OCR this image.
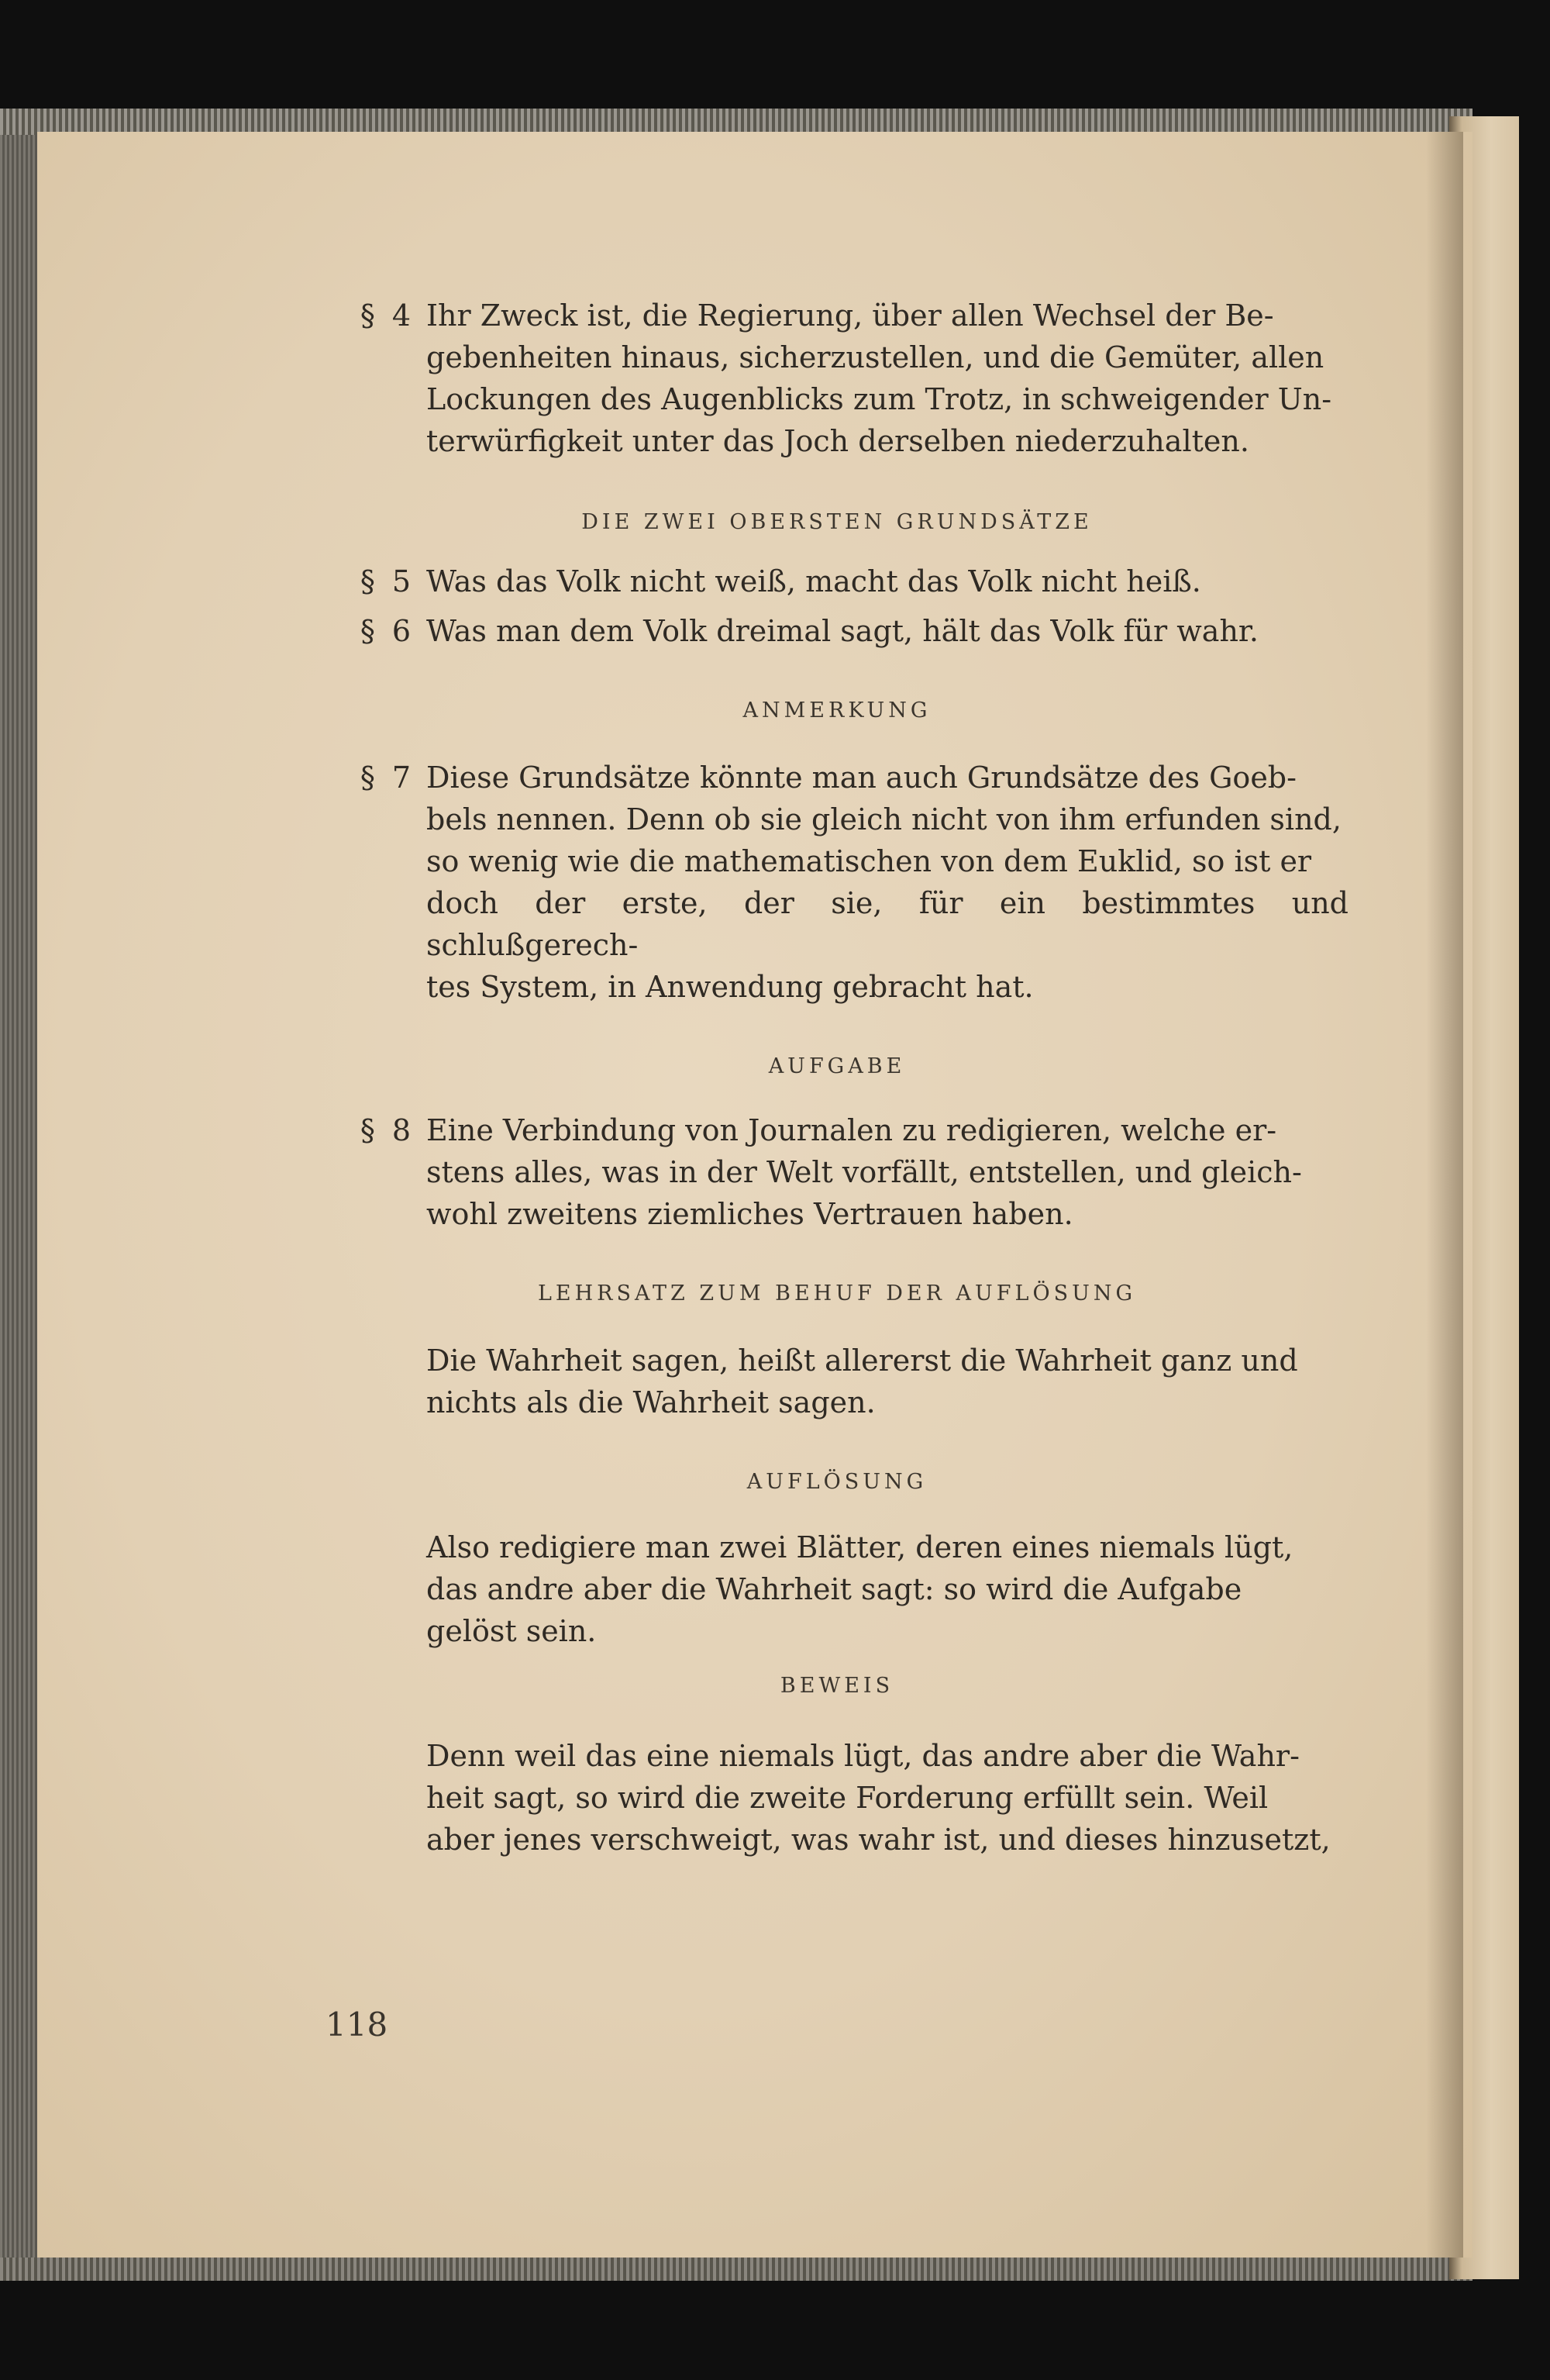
§ 4 Ihr Zweck ist, die Regierung, über allen Wechsel der Be-
gebenheiten hinaus, sicherzustellen, und die Gemüter, allen
Lockungen des Augenblicks zum Trotz, in schweigender Un-
terwürfigkeit unter das Joch derselben niederzuhalten.
DIE ZWEI OBERSTEN GRUNDSÄTZE
§ 5 Was das Volk nicht weiß, macht das Volk nicht heiß.
§ 6 Was man dem Volk dreimal sagt, hält das Volk für wahr.
ANMERKUNG
§ 7 Diese Grundsätze könnte man auch Grundsätze des Goeb-
bels nennen. Denn ob sie gleich nicht von ihm erfunden sind,
so wenig wie die mathematischen von dem Euklid, so ist er
doch der erste, der sie, für ein bestimmtes und schlußgerech-
tes System, in Anwendung gebracht hat.
AUFGABE
§ 8 Eine Verbindung von Journalen zu redigieren, welche er-
stens alles, was in der Welt vorfällt, entstellen, und gleich-
wohl zweitens ziemliches Vertrauen haben.
LEHRSATZ ZUM BEHUF DER AUFLÖSUNG
Die Wahrheit sagen, heißt allererst die Wahrheit ganz und
nichts als die Wahrheit sagen.
AUFLÖSUNG
Also redigiere man zwei Blätter, deren eines niemals lügt,
das andre aber die Wahrheit sagt: so wird die Aufgabe
gelöst sein.
BEWEIS
Denn weil das eine niemals lügt, das andre aber die Wahr-
heit sagt, so wird die zweite Forderung erfüllt sein. Weil
aber jenes verschweigt, was wahr ist, und dieses hinzusetzt,
118
